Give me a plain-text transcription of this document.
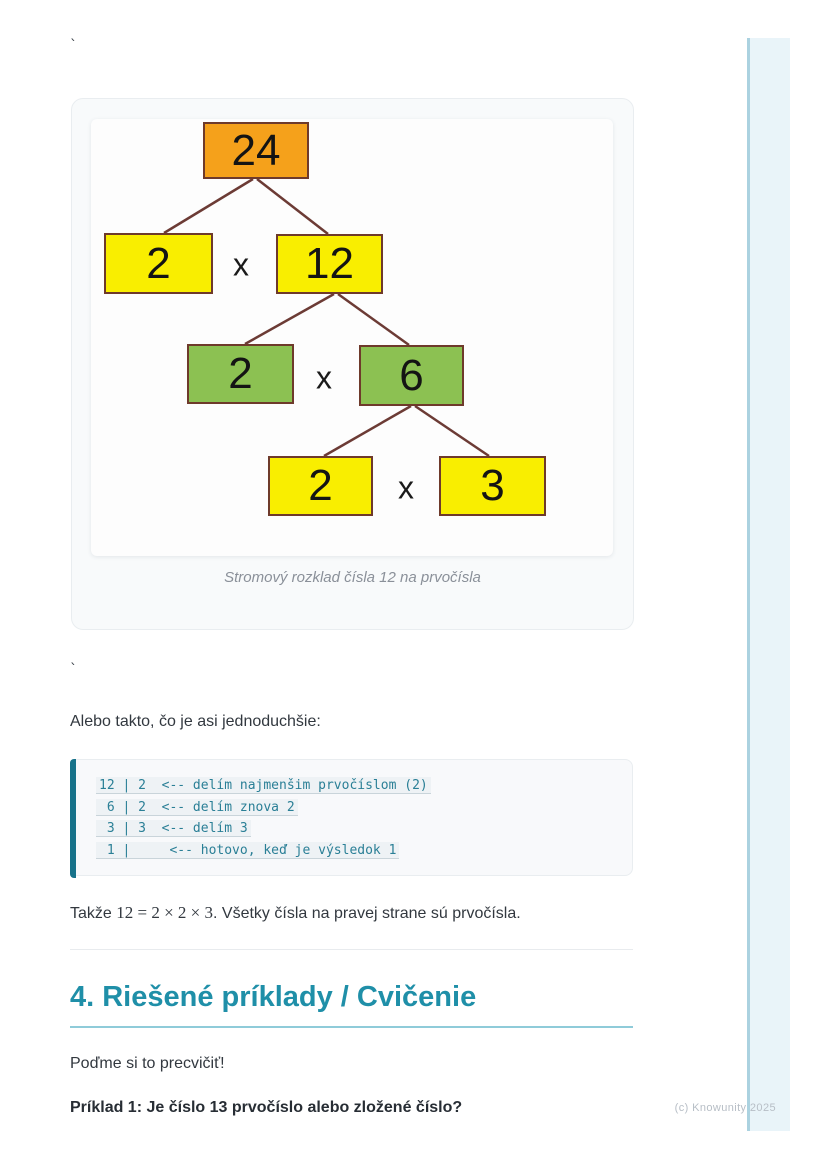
`
`
24
2	x	12
2	x	6
2	x	3
Stromový rozklad čísla 12 na prvočísla

Alebo takto, čo je asi jednoduchšie:

12 | 2  <-- delím najmenšim prvočíslom (2)
6 | 2  <-- delím znova 2
3 | 3  <-- delím 3
1 |     <-- hotovo, keď je výsledok 1

Takže 12 = 2 × 2 × 3. Všetky čísla na pravej strane sú prvočísla.

4. Riešené príklady / Cvičenie

Poďme si to precvičiť!

Príklad 1: Je číslo 13 prvočíslo alebo zložené číslo?	(c) Knowunity 2025
